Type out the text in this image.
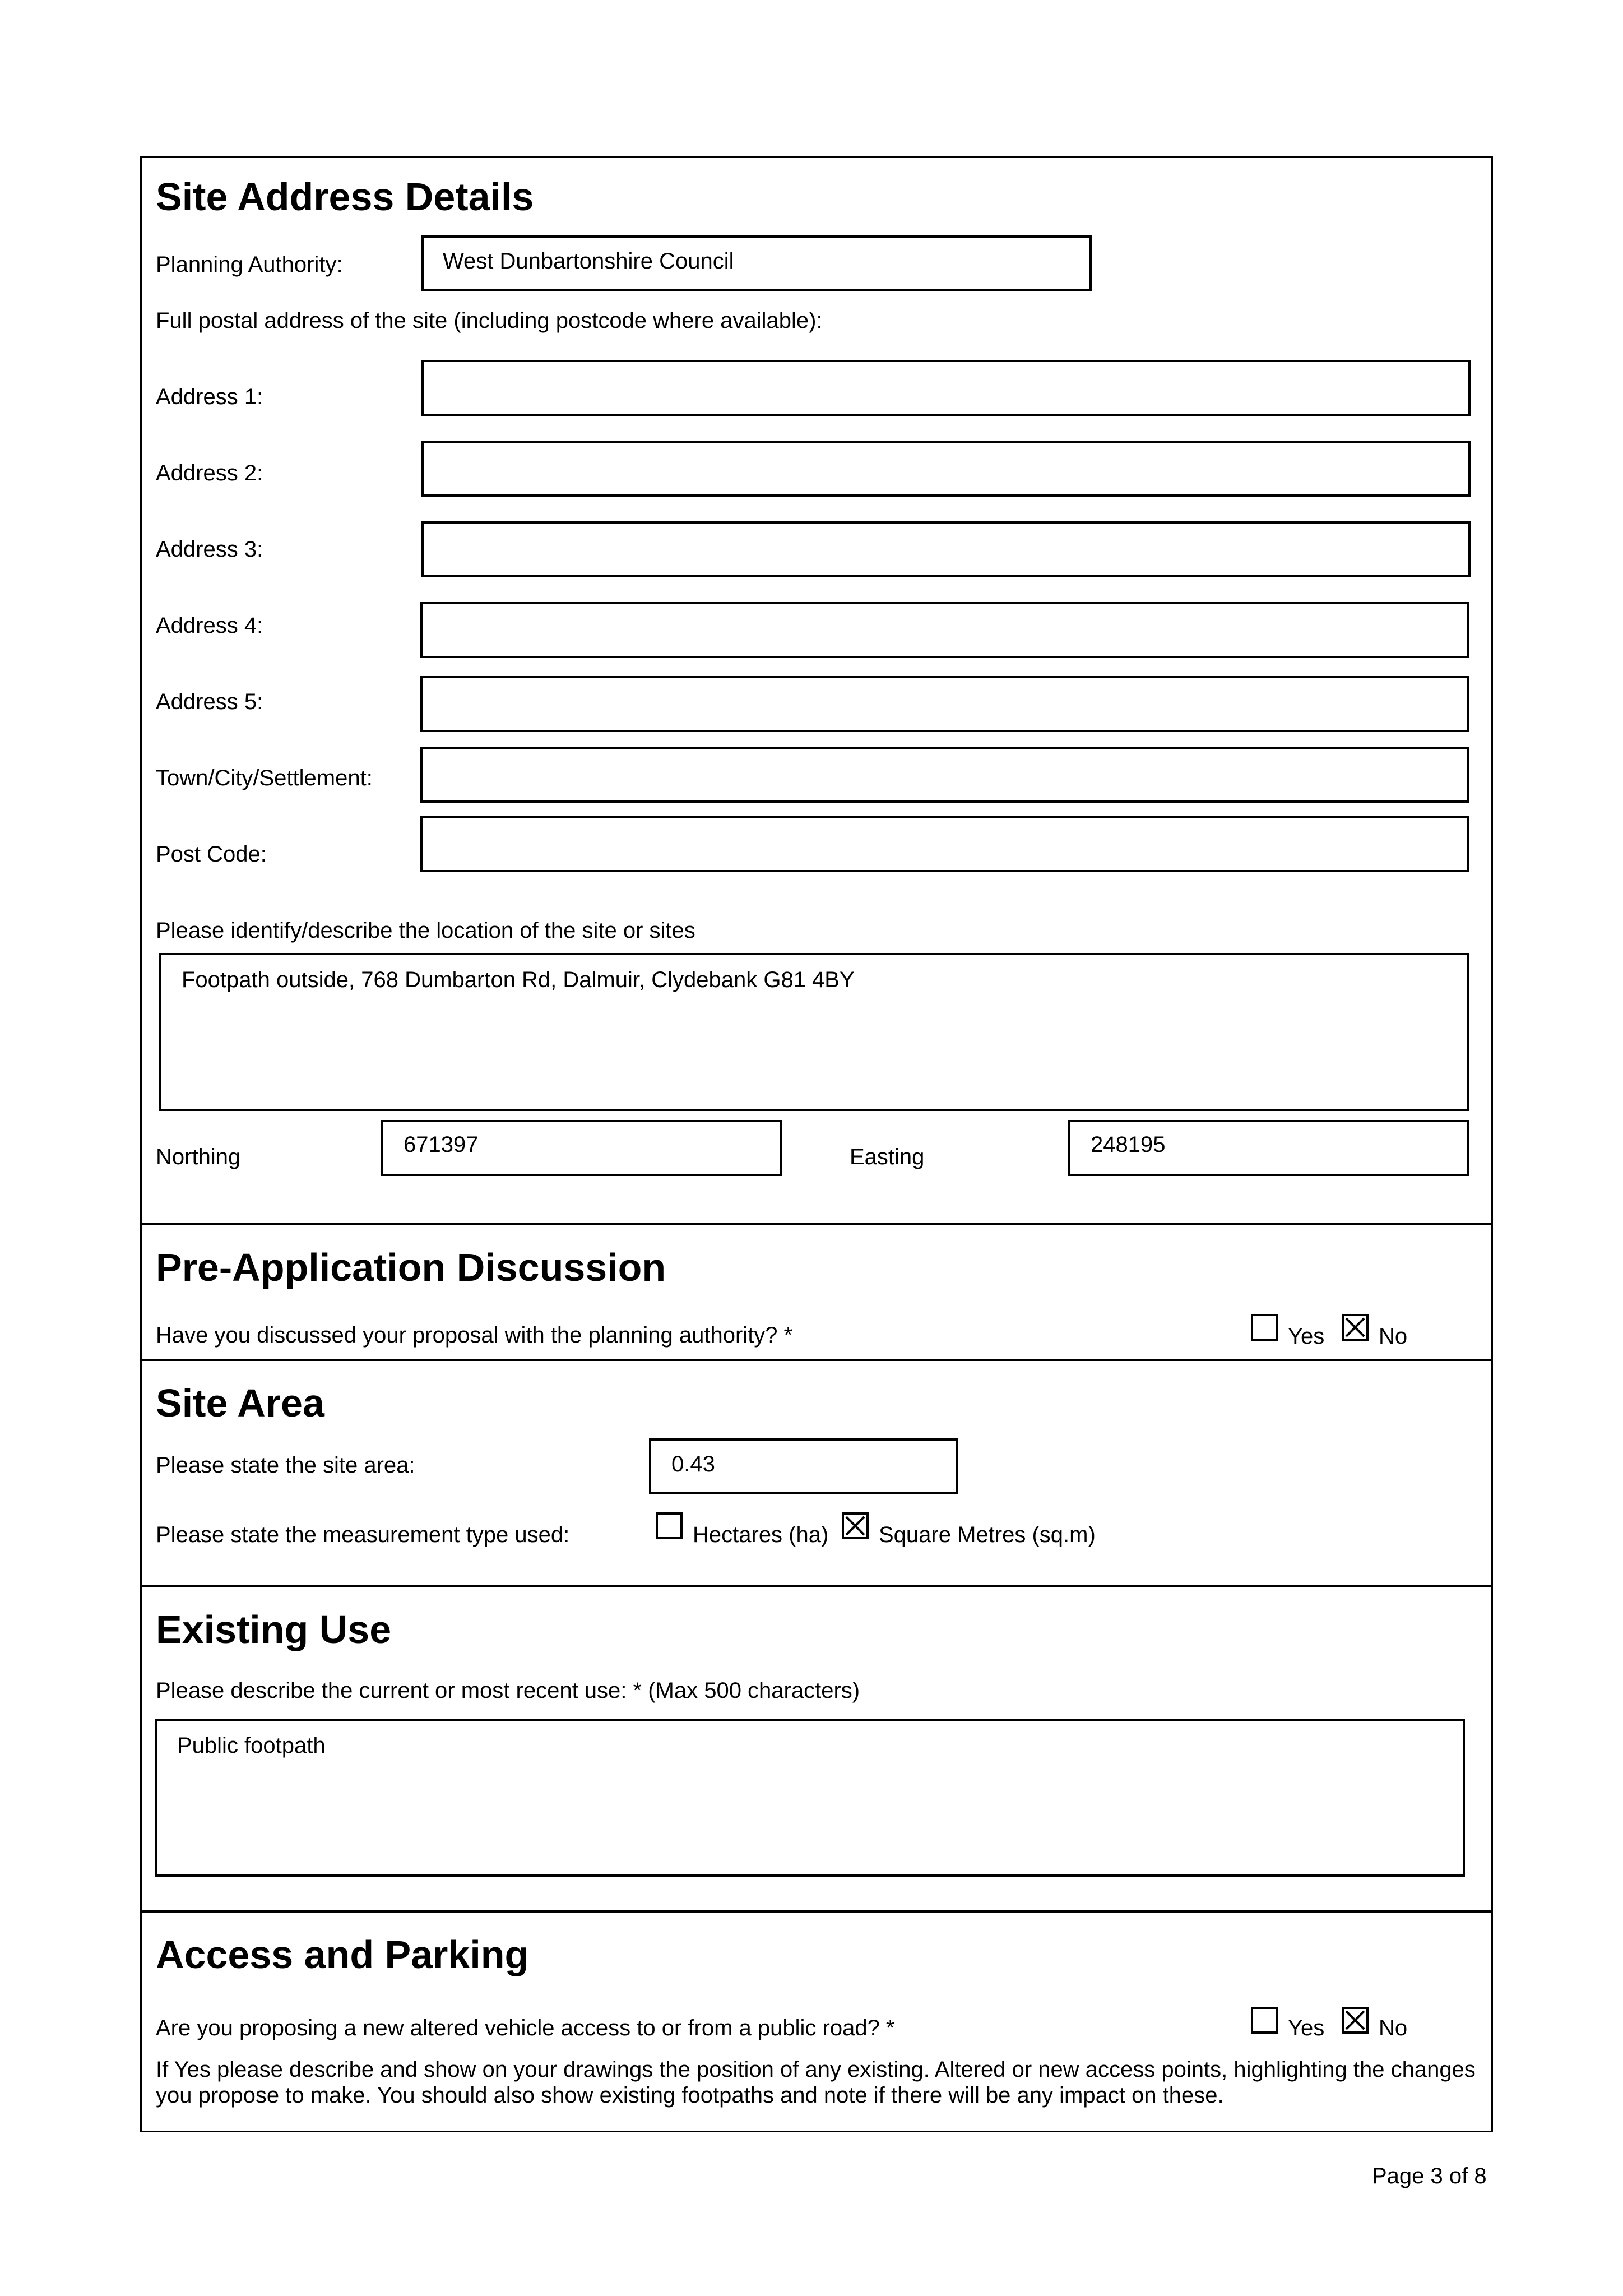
Site Address Details
Planning Authority:	West Dunbartonshire Council
Full postal address of the site (including postcode where available):
Address 1:
Address 2:
Address 3:
Address 4:
Address 5:
Town/City/Settlement:
Post Code:
Please identify/describe the location of the site or sites
Footpath outside, 768 Dumbarton Rd, Dalmuir, Clydebank G81 4BY
Northing	671397	Easting	248195
Pre-Application Discussion
Have you discussed your proposal with the planning authority? *	Yes No
Site Area
Please state the site area:	0.43
Please state the measurement type used:	Hectares (ha) Square Metres (sq.m)
Existing Use
Please describe the current or most recent use: * (Max 500 characters)
Public footpath
Access and Parking
Are you proposing a new altered vehicle access to or from a public road? *	Yes No
If Yes please describe and show on your drawings the position of any existing. Altered or new access points, highlighting the changes
you propose to make. You should also show existing footpaths and note if there will be any impact on these.
Page 3 of 8
